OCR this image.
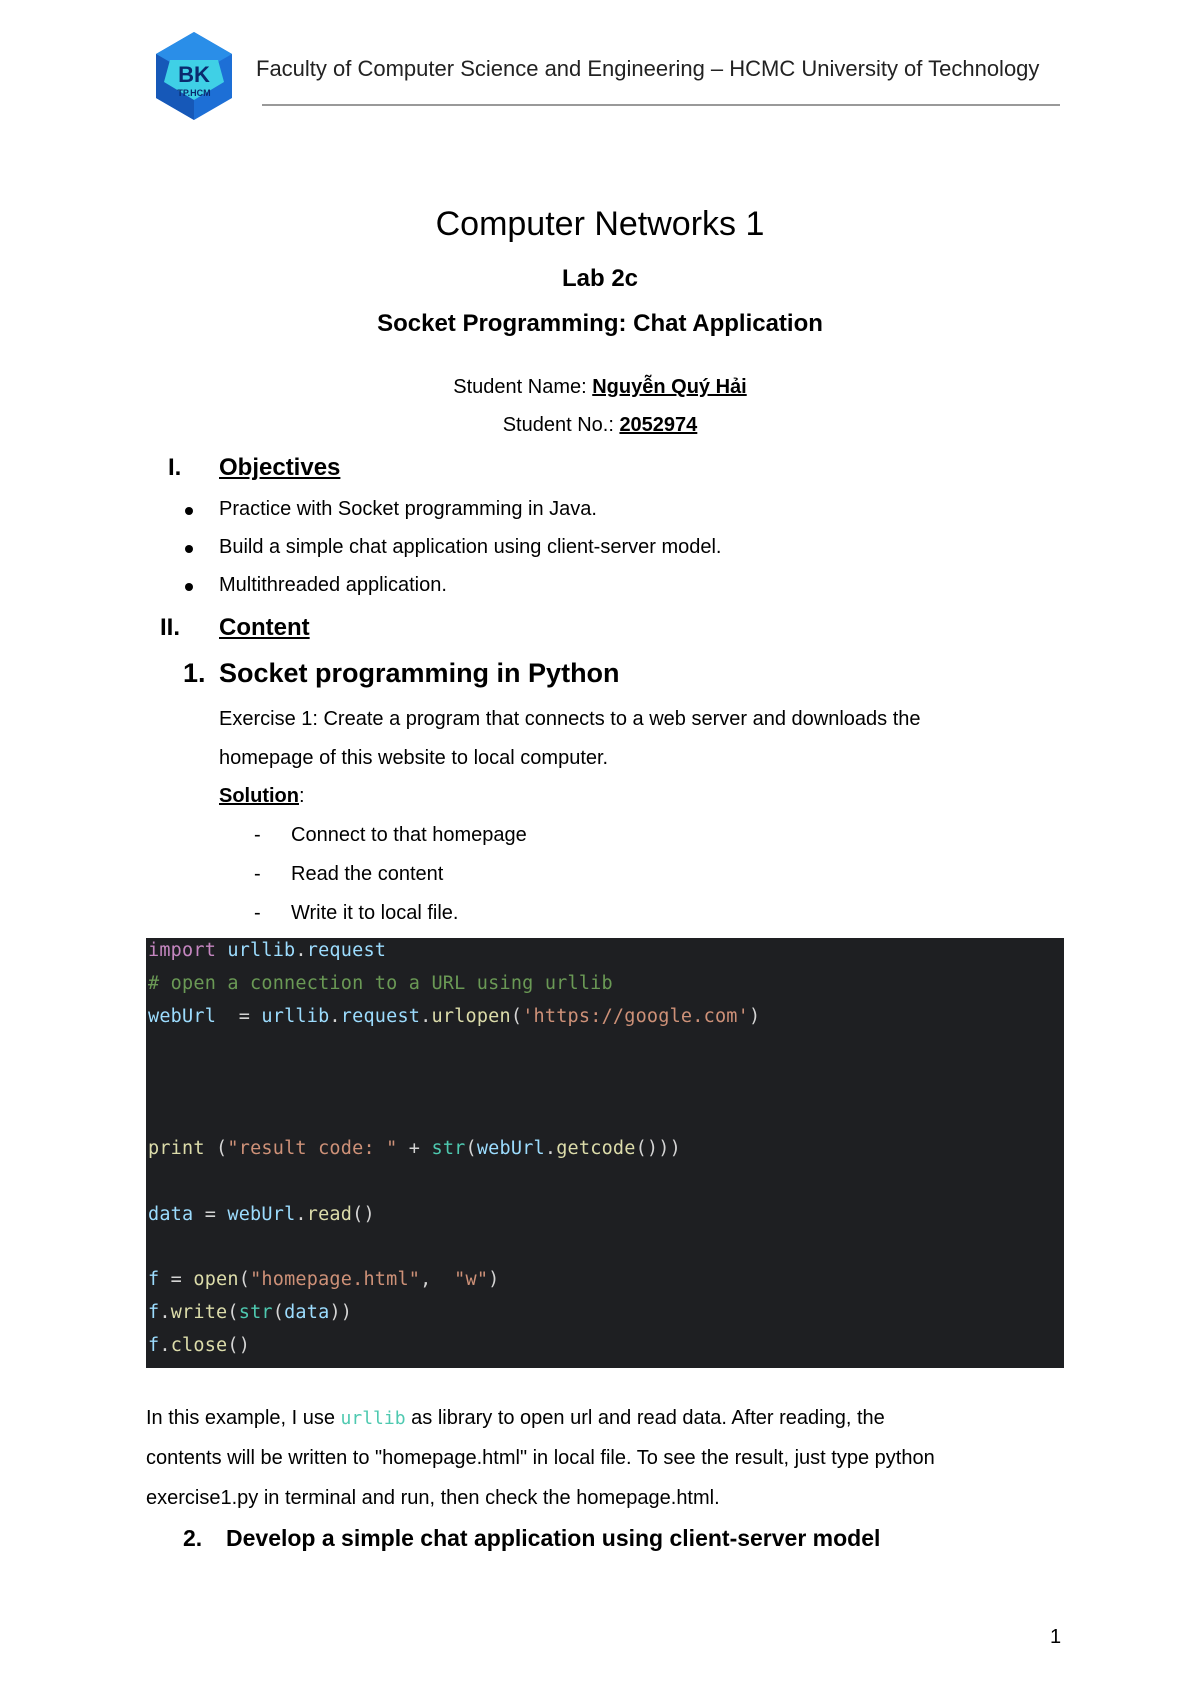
BK
TP.HCM
Faculty of Computer Science and Engineering – HCMC University of Technology
Computer Networks 1
Lab 2c
Socket Programming: Chat Application
Student Name: Nguyễn Quý Hải
Student No.: 2052974
I. Objectives
Practice with Socket programming in Java.
Build a simple chat application using client-server model.
Multithreaded application.
II. Content
1. Socket programming in Python
Exercise 1: Create a program that connects to a web server and downloads the
homepage of this website to local computer.
Solution:
- Connect to that homepage
- Read the content
- Write it to local file.
import urllib.request
# open a connection to a URL using urllib
webUrl  = urllib.request.urlopen('https://google.com')
print ("result code: " + str(webUrl.getcode()))
data = webUrl.read()
f = open("homepage.html",  "w")
f.write(str(data))
f.close()
In this example, I use urllib as library to open url and read data. After reading, the
contents will be written to "homepage.html" in local file. To see the result, just type python
exercise1.py in terminal and run, then check the homepage.html.
2. Develop a simple chat application using client-server model
1
